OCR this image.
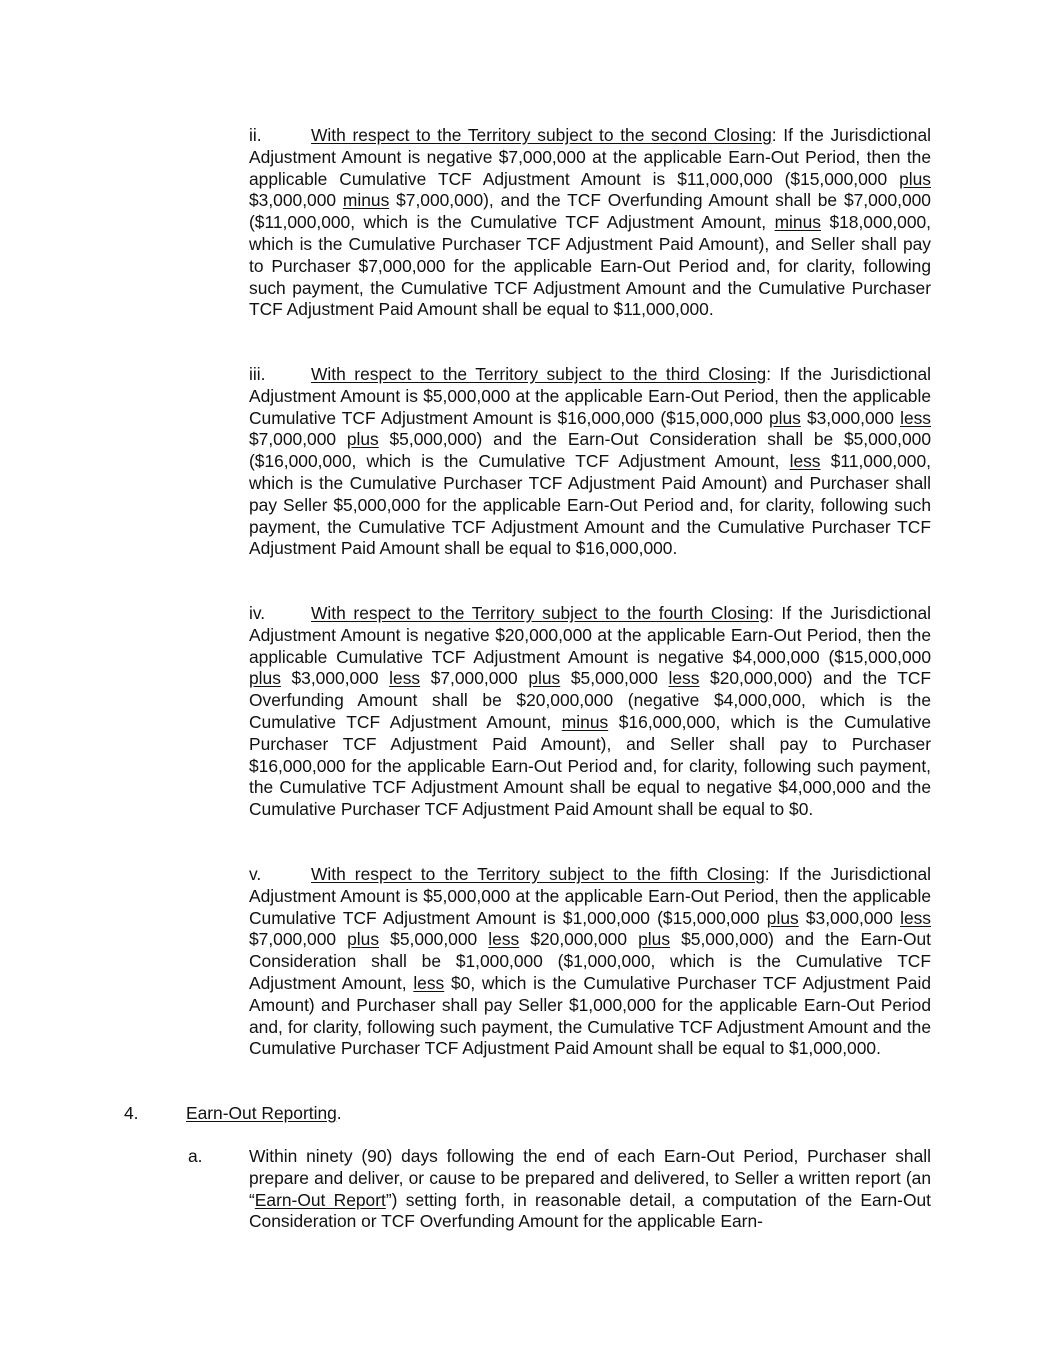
ii.	With respect to the Territory subject to the second Closing: If the Jurisdictional Adjustment Amount is negative $7,000,000 at the applicable Earn-Out Period, then the applicable Cumulative TCF Adjustment Amount is $11,000,000 ($15,000,000 plus $3,000,000 minus $7,000,000), and the TCF Overfunding Amount shall be $7,000,000 ($11,000,000, which is the Cumulative TCF Adjustment Amount, minus $18,000,000, which is the Cumulative Purchaser TCF Adjustment Paid Amount), and Seller shall pay to Purchaser $7,000,000 for the applicable Earn-Out Period and, for clarity, following such payment, the Cumulative TCF Adjustment Amount and the Cumulative Purchaser TCF Adjustment Paid Amount shall be equal to $11,000,000.

iii.	With respect to the Territory subject to the third Closing: If the Jurisdictional Adjustment Amount is $5,000,000 at the applicable Earn-Out Period, then the applicable Cumulative TCF Adjustment Amount is $16,000,000 ($15,000,000 plus $3,000,000 less $7,000,000 plus $5,000,000) and the Earn-Out Consideration shall be $5,000,000 ($16,000,000, which is the Cumulative TCF Adjustment Amount, less $11,000,000, which is the Cumulative Purchaser TCF Adjustment Paid Amount) and Purchaser shall pay Seller $5,000,000 for the applicable Earn-Out Period and, for clarity, following such payment, the Cumulative TCF Adjustment Amount and the Cumulative Purchaser TCF Adjustment Paid Amount shall be equal to $16,000,000.

iv.	With respect to the Territory subject to the fourth Closing: If the Jurisdictional Adjustment Amount is negative $20,000,000 at the applicable Earn-Out Period, then the applicable Cumulative TCF Adjustment Amount is negative $4,000,000 ($15,000,000 plus $3,000,000 less $7,000,000 plus $5,000,000 less $20,000,000) and the TCF Overfunding Amount shall be $20,000,000 (negative $4,000,000, which is the Cumulative TCF Adjustment Amount, minus $16,000,000, which is the Cumulative Purchaser TCF Adjustment Paid Amount), and Seller shall pay to Purchaser $16,000,000 for the applicable Earn-Out Period and, for clarity, following such payment, the Cumulative TCF Adjustment Amount shall be equal to negative $4,000,000 and the Cumulative Purchaser TCF Adjustment Paid Amount shall be equal to $0.

v.	With respect to the Territory subject to the fifth Closing: If the Jurisdictional Adjustment Amount is $5,000,000 at the applicable Earn-Out Period, then the applicable Cumulative TCF Adjustment Amount is $1,000,000 ($15,000,000 plus $3,000,000 less $7,000,000 plus $5,000,000 less $20,000,000 plus $5,000,000) and the Earn-Out Consideration shall be $1,000,000 ($1,000,000, which is the Cumulative TCF Adjustment Amount, less $0, which is the Cumulative Purchaser TCF Adjustment Paid Amount) and Purchaser shall pay Seller $1,000,000 for the applicable Earn-Out Period and, for clarity, following such payment, the Cumulative TCF Adjustment Amount and the Cumulative Purchaser TCF Adjustment Paid Amount shall be equal to $1,000,000.

4.	Earn-Out Reporting.

a.	Within ninety (90) days following the end of each Earn-Out Period, Purchaser shall prepare and deliver, or cause to be prepared and delivered, to Seller a written report (an “Earn-Out Report”) setting forth, in reasonable detail, a computation of the Earn-Out Consideration or TCF Overfunding Amount for the applicable Earn-
